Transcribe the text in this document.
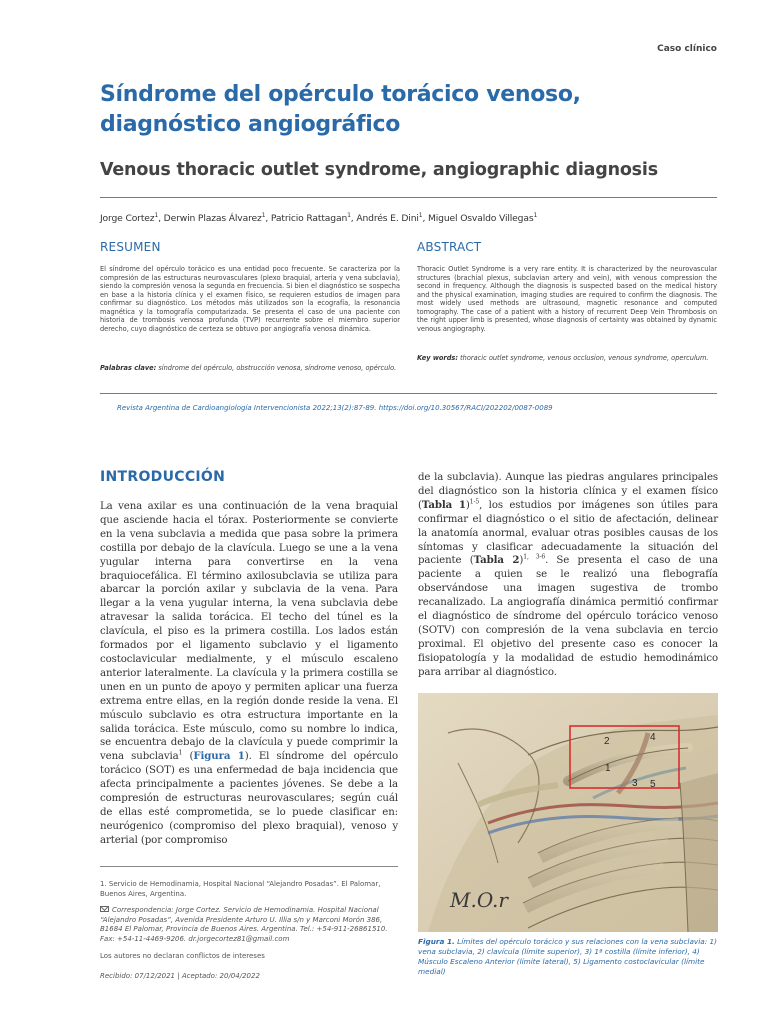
Caso clínico
Síndrome del opérculo torácico venoso, diagnóstico angiográfico
Venous thoracic outlet syndrome, angiographic diagnosis
Jorge Cortez$^1$, Derwin Plazas Álvarez$^1$, Patricio Rattagan$^1$, Andrés E. Dini$^1$, Miguel Osvaldo Villegas$^1$
RESUMEN

El síndrome del opérculo torácico es una entidad poco frecuente. Se caracteriza por la compresión de las estructuras neurovasculares (plexo braquial, arteria y vena subclavia), siendo la compresión venosa la segunda en frecuencia. Si bien el diagnóstico se sospecha en base a la historia clínica y el examen físico, se requieren estudios de imagen para confirmar su diagnóstico. Los métodos más utilizados son la ecografía, la resonancia magnética y la tomografía computarizada. Se presenta el caso de una paciente con historia de trombosis venosa profunda (TVP) recurrente sobre el miembro superior derecho, cuyo diagnóstico de certeza se obtuvo por angiografía venosa dinámica.

Palabras clave: síndrome del opérculo, obstrucción venosa, síndrome venoso, opérculo.

ABSTRACT

Thoracic Outlet Syndrome is a very rare entity. It is characterized by the neurovascular structures (brachial plexus, subclavian artery and vein), with venous compression the second in frequency. Although the diagnosis is suspected based on the medical history and the physical examination, imaging studies are required to confirm the diagnosis. The most widely used methods are ultrasound, magnetic resonance and computed tomography. The case of a patient with a history of recurrent Deep Vein Thrombosis on the right upper limb is presented, whose diagnosis of certainty was obtained by dynamic venous angiography.

Key words: thoracic outlet syndrome, venous occlusion, venous syndrome, operculum.

Revista Argentina de Cardioangiología Intervencionista 2022;13(2):87-89. https://doi.org/10.30567/RACI/202202/0087-0089
INTRODUCCIÓN

La vena axilar es una continuación de la vena braquial que asciende hacia el tórax. Posteriormente se convierte en la vena subclavia a medida que pasa sobre la primera costilla por debajo de la clavícula. Luego se une a la vena yugular interna para convertirse en la vena braquiocefálica. El término axilosubclavia se utiliza para abarcar la porción axilar y subclavia de la vena. Para llegar a la vena yugular interna, la vena subclavia debe atravesar la salida torácica. El techo del túnel es la clavícula, el piso es la primera costilla. Los lados están formados por el ligamento subclavio y el ligamento costoclavicular medialmente, y el músculo escaleno anterior lateralmente. La clavícula y la primera costilla se unen en un punto de apoyo y permiten aplicar una fuerza extrema entre ellas, en la región donde reside la vena. El músculo subclavio es otra estructura importante en la salida torácica. Este músculo, como su nombre lo indica, se encuentra debajo de la clavícula y puede comprimir la vena subclavia$^1$ (Figura 1). El síndrome del opérculo torácico (SOT) es una enfermedad de baja incidencia que afecta principalmente a pacientes jóvenes. Se debe a la compresión de estructuras neurovasculares; según cuál de ellas esté comprometida, se lo puede clasificar en: neurógenico (compromiso del plexo braquial), venoso y arterial (por compromiso

de la subclavia). Aunque las piedras angulares principales del diagnóstico son la historia clínica y el examen físico (Tabla 1)$^{1-5}$, los estudios por imágenes son útiles para confirmar el diagnóstico o el sitio de afectación, delinear la anatomía anormal, evaluar otras posibles causas de los síntomas y clasificar adecuadamente la situación del paciente (Tabla 2)$^{1, 3-6}$. Se presenta el caso de una paciente a quien se le realizó una flebografía observándose una imagen sugestiva de trombo recanalizado. La angiografía dinámica permitió confirmar el diagnóstico de síndrome del opérculo torácico venoso (SOTV) con compresión de la vena subclavia en tercio proximal. El objetivo del presente caso es conocer la fisiopatología y la modalidad de estudio hemodinámico para arribar al diagnóstico.

1. Servicio de Hemodinamia, Hospital Nacional “Alejandro Posadas”. El Palomar, Buenos Aires, Argentina.

Correspondencia: Jorge Cortez. Servicio de Hemodinamia. Hospital Nacional “Alejandro Posadas”, Avenida Presidente Arturo U. Illia s/n y Marconi Morón 386, B1684 El Palomar, Provincia de Buenos Aires. Argentina. Tel.: +54-911-26861510. Fax: +54-11-4469-9206. dr.jorgecortez81@gmail.com

Los autores no declaran conflictos de intereses

Recibido: 07/12/2021 | Aceptado: 20/04/2022

2	4
1
3 5
M.O.r

Figura 1. Límites del opérculo torácico y sus relaciones con la vena subclavia: 1) vena subclavia, 2) clavícula (límite superior), 3) 1ª costilla (límite inferior), 4) Músculo Escaleno Anterior (límite lateral), 5) Ligamento costoclavicular (límite medial)
